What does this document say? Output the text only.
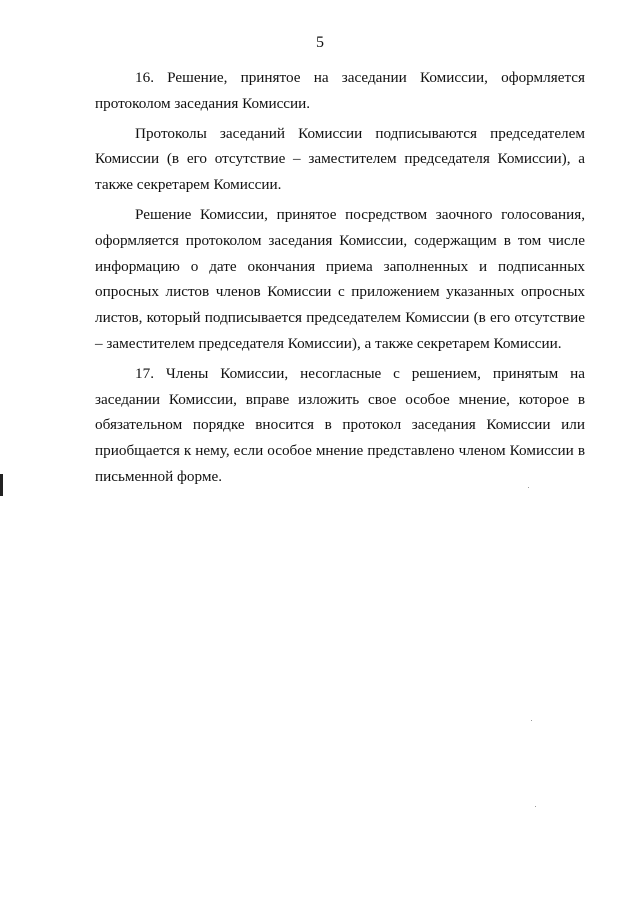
5

16. Решение, принятое на заседании Комиссии, оформляется протоколом заседания Комиссии.

Протоколы заседаний Комиссии подписываются председателем Комиссии (в его отсутствие – заместителем председателя Комиссии), а также секретарем Комиссии.

Решение Комиссии, принятое посредством заочного голосования, оформляется протоколом заседания Комиссии, содержащим в том числе информацию о дате окончания приема заполненных и подписанных опросных листов членов Комиссии с приложением указанных опросных листов, который подписывается председателем Комиссии (в его отсутствие – заместителем председателя Комиссии), а также секретарем Комиссии.

17. Члены Комиссии, несогласные с решением, принятым на заседании Комиссии, вправе изложить свое особое мнение, которое в обязательном порядке вносится в протокол заседания Комиссии или приобщается к нему, если особое мнение представлено членом Комиссии в письменной форме.
